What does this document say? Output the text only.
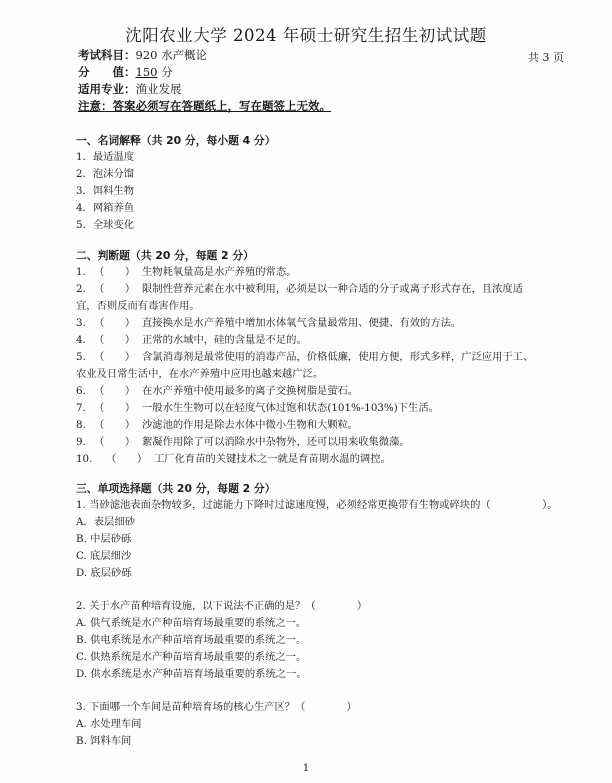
沈阳农业大学 2024 年硕士研究生招生初试试题
共 3 页
考试科目：920 水产概论
分　　值：150 分
适用专业：渔业发展
注意：答案必须写在答题纸上，写在题签上无效。
一、名词解释（共 20 分，每小题 4 分）
1．最适温度
2．泡沫分馏
3．饵料生物
4．网箱养鱼
5．全球变化
二、判断题（共 20 分，每题 2 分）
1. （　　） 生物耗氧量高是水产养殖的常态。
2. （　　） 限制性营养元素在水中被利用，必须是以一种合适的分子或离子形式存在，且浓度适
宜，否则反而有毒害作用。
3. （　　） 直接换水是水产养殖中增加水体氧气含量最常用、便捷、有效的方法。
4. （　　） 正常的水域中，硅的含量是不足的。
5. （　　） 含氯消毒剂是最常使用的消毒产品，价格低廉，使用方便，形式多样，广泛应用于工、
农业及日常生活中，在水产养殖中应用也越来越广泛。
6. （　　） 在水产养殖中使用最多的离子交换树脂是萤石。
7. （　　） 一般水生生物可以在轻度气体过饱和状态(101%-103%)下生活。
8. （　　） 沙滤池的作用是除去水体中微小生物和大颗粒。
9. （　　） 絮凝作用除了可以消除水中杂物外，还可以用来收集微藻。
10. （　　） 工厂化育苗的关键技术之一就是育苗期水温的调控。
三、单项选择题（共 20 分，每题 2 分）
1. 当砂滤池表面杂物较多，过滤能力下降时过滤速度慢，必须经常更换带有生物或碎块的（　　　　　）。
A．表层细砂
B. 中层砂砾
C. 底层细沙
D. 底层砂砾
2. 关于水产苗种培育设施，以下说法不正确的是？（　　　　）
A. 供气系统是水产种苗培育场最重要的系统之一。
B. 供电系统是水产种苗培育场最重要的系统之一。
C. 供热系统是水产种苗培育场最重要的系统之一。
D. 供水系统是水产种苗培育场最重要的系统之一。
3. 下面哪一个车间是苗种培育场的核心生产区？（　　　　）
A. 水处理车间
B. 饵料车间
1
